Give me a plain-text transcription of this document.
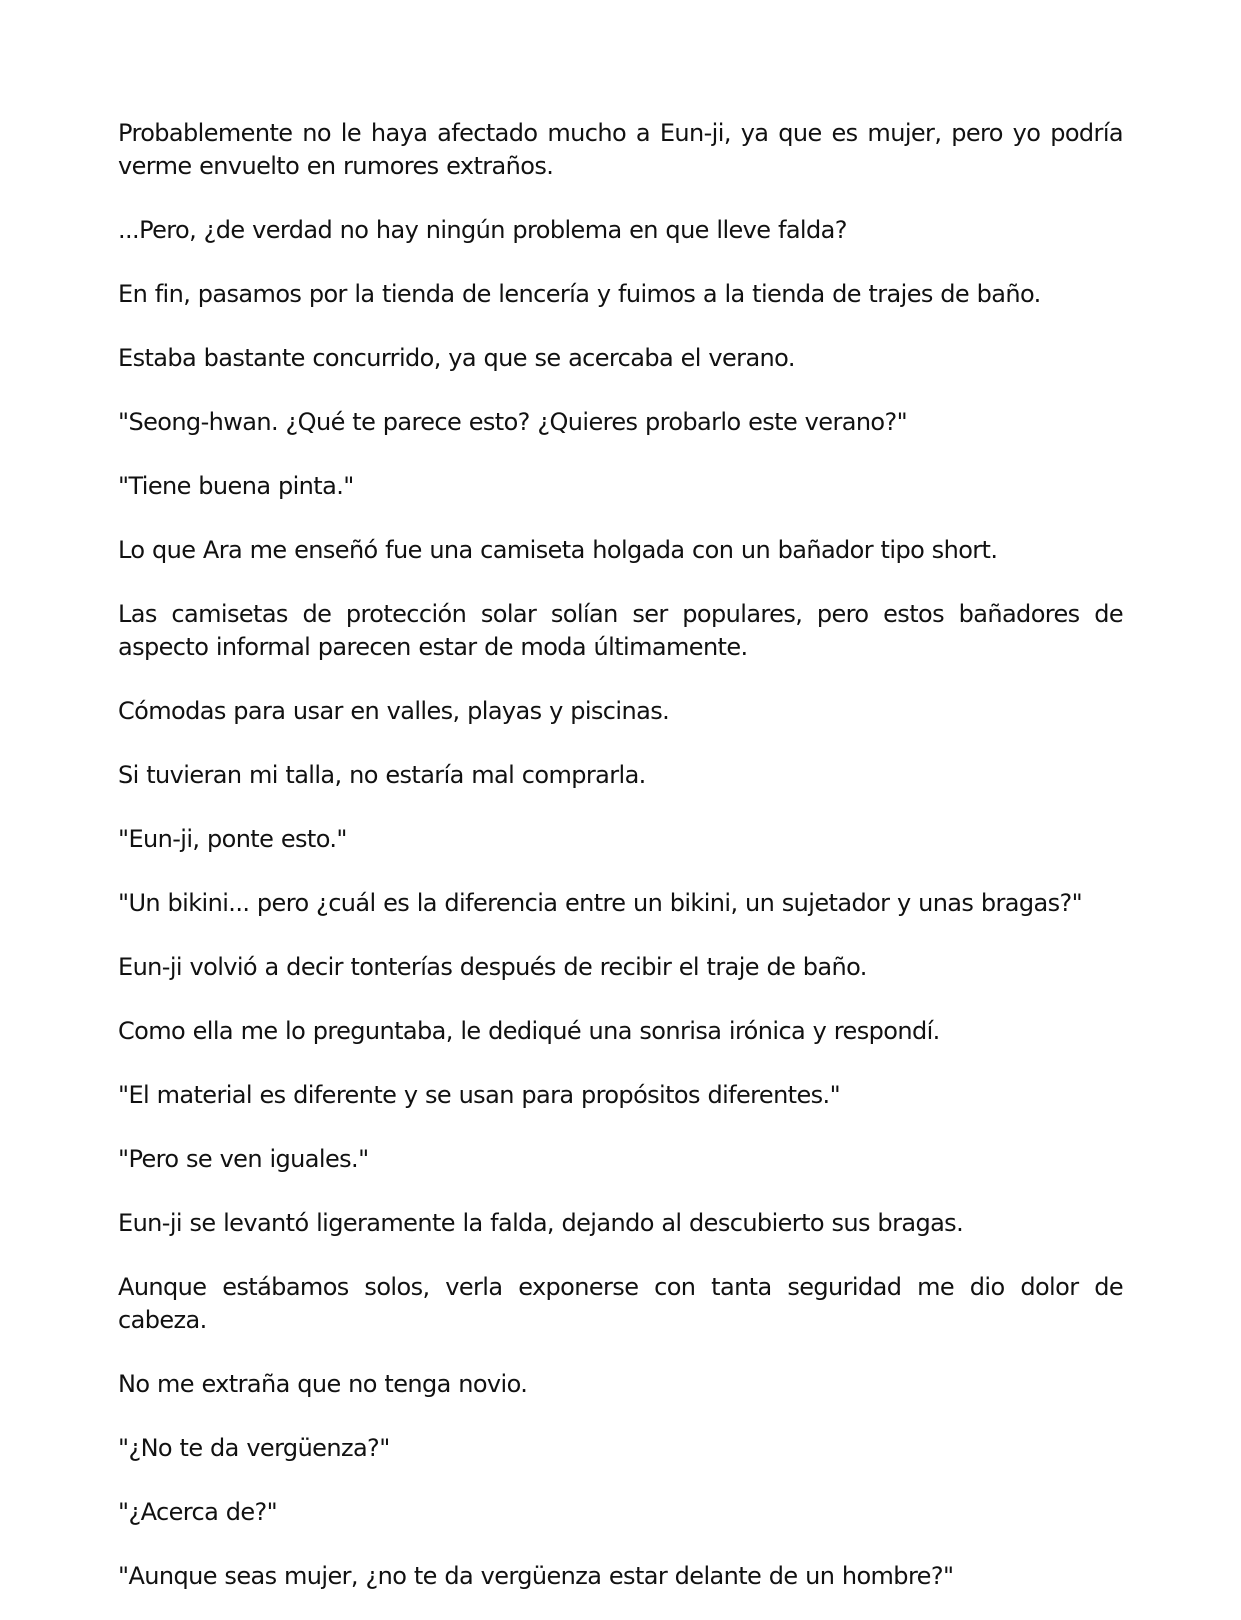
Probablemente no le haya afectado mucho a Eun-ji, ya que es mujer, pero yo podría verme envuelto en rumores extraños.

...Pero, ¿de verdad no hay ningún problema en que lleve falda?

En fin, pasamos por la tienda de lencería y fuimos a la tienda de trajes de baño.

Estaba bastante concurrido, ya que se acercaba el verano.

"Seong-hwan. ¿Qué te parece esto? ¿Quieres probarlo este verano?"

"Tiene buena pinta."

Lo que Ara me enseñó fue una camiseta holgada con un bañador tipo short.

Las camisetas de protección solar solían ser populares, pero estos bañadores de aspecto informal parecen estar de moda últimamente.

Cómodas para usar en valles, playas y piscinas.

Si tuvieran mi talla, no estaría mal comprarla.

"Eun-ji, ponte esto."

"Un bikini... pero ¿cuál es la diferencia entre un bikini, un sujetador y unas bragas?"

Eun-ji volvió a decir tonterías después de recibir el traje de baño.

Como ella me lo preguntaba, le dediqué una sonrisa irónica y respondí.

"El material es diferente y se usan para propósitos diferentes."

"Pero se ven iguales."

Eun-ji se levantó ligeramente la falda, dejando al descubierto sus bragas.

Aunque estábamos solos, verla exponerse con tanta seguridad me dio dolor de cabeza.

No me extraña que no tenga novio.

"¿No te da vergüenza?"

"¿Acerca de?"

"Aunque seas mujer, ¿no te da vergüenza estar delante de un hombre?"
